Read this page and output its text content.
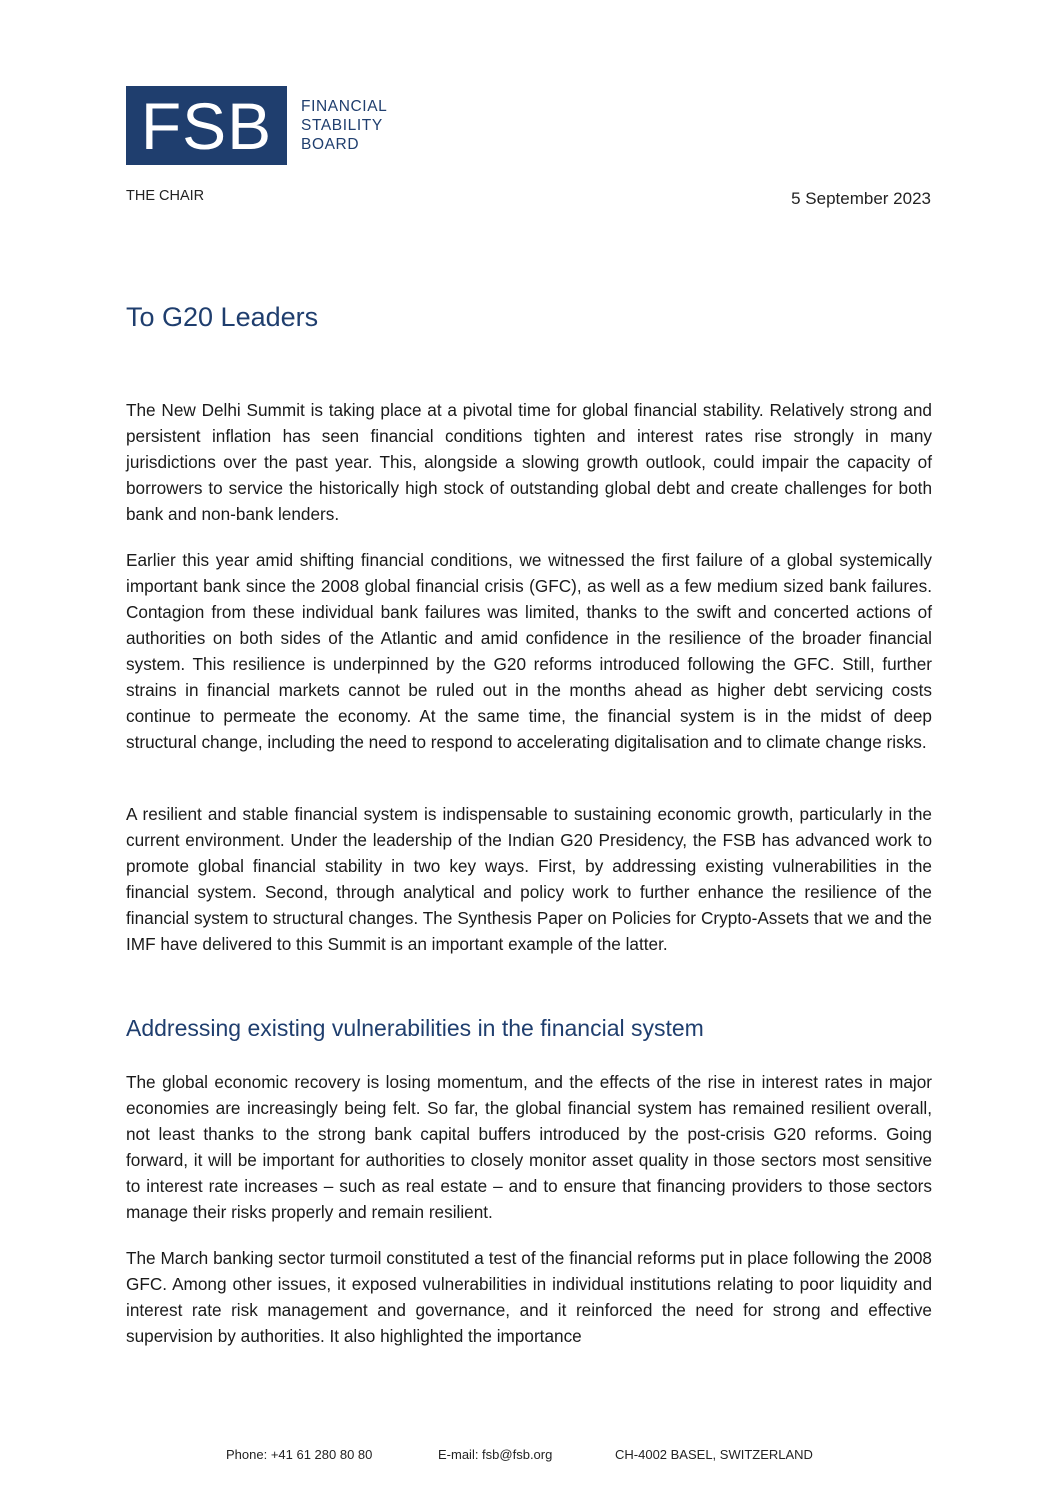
FSB	FINANCIAL
STABILITY
BOARD
THE CHAIR	5 September 2023
To G20 Leaders

The New Delhi Summit is taking place at a pivotal time for global financial stability. Relatively strong and persistent inflation has seen financial conditions tighten and interest rates rise strongly in many jurisdictions over the past year. This, alongside a slowing growth outlook, could impair the capacity of borrowers to service the historically high stock of outstanding global debt and create challenges for both bank and non-bank lenders.

Earlier this year amid shifting financial conditions, we witnessed the first failure of a global systemically important bank since the 2008 global financial crisis (GFC), as well as a few medium sized bank failures. Contagion from these individual bank failures was limited, thanks to the swift and concerted actions of authorities on both sides of the Atlantic and amid confidence in the resilience of the broader financial system. This resilience is underpinned by the G20 reforms introduced following the GFC. Still, further strains in financial markets cannot be ruled out in the months ahead as higher debt servicing costs continue to permeate the economy. At the same time, the financial system is in the midst of deep structural change, including the need to respond to accelerating digitalisation and to climate change risks.

A resilient and stable financial system is indispensable to sustaining economic growth, particularly in the current environment. Under the leadership of the Indian G20 Presidency, the FSB has advanced work to promote global financial stability in two key ways. First, by addressing existing vulnerabilities in the financial system. Second, through analytical and policy work to further enhance the resilience of the financial system to structural changes. The Synthesis Paper on Policies for Crypto-Assets that we and the IMF have delivered to this Summit is an important example of the latter.

Addressing existing vulnerabilities in the financial system

The global economic recovery is losing momentum, and the effects of the rise in interest rates in major economies are increasingly being felt. So far, the global financial system has remained resilient overall, not least thanks to the strong bank capital buffers introduced by the post-crisis G20 reforms. Going forward, it will be important for authorities to closely monitor asset quality in those sectors most sensitive to interest rate increases – such as real estate – and to ensure that financing providers to those sectors manage their risks properly and remain resilient.

The March banking sector turmoil constituted a test of the financial reforms put in place following the 2008 GFC. Among other issues, it exposed vulnerabilities in individual institutions relating to poor liquidity and interest rate risk management and governance, and it reinforced the need for strong and effective supervision by authorities. It also highlighted the importance

Phone: +41 61 280 80 80	E-mail: fsb@fsb.org	CH-4002 BASEL, SWITZERLAND
